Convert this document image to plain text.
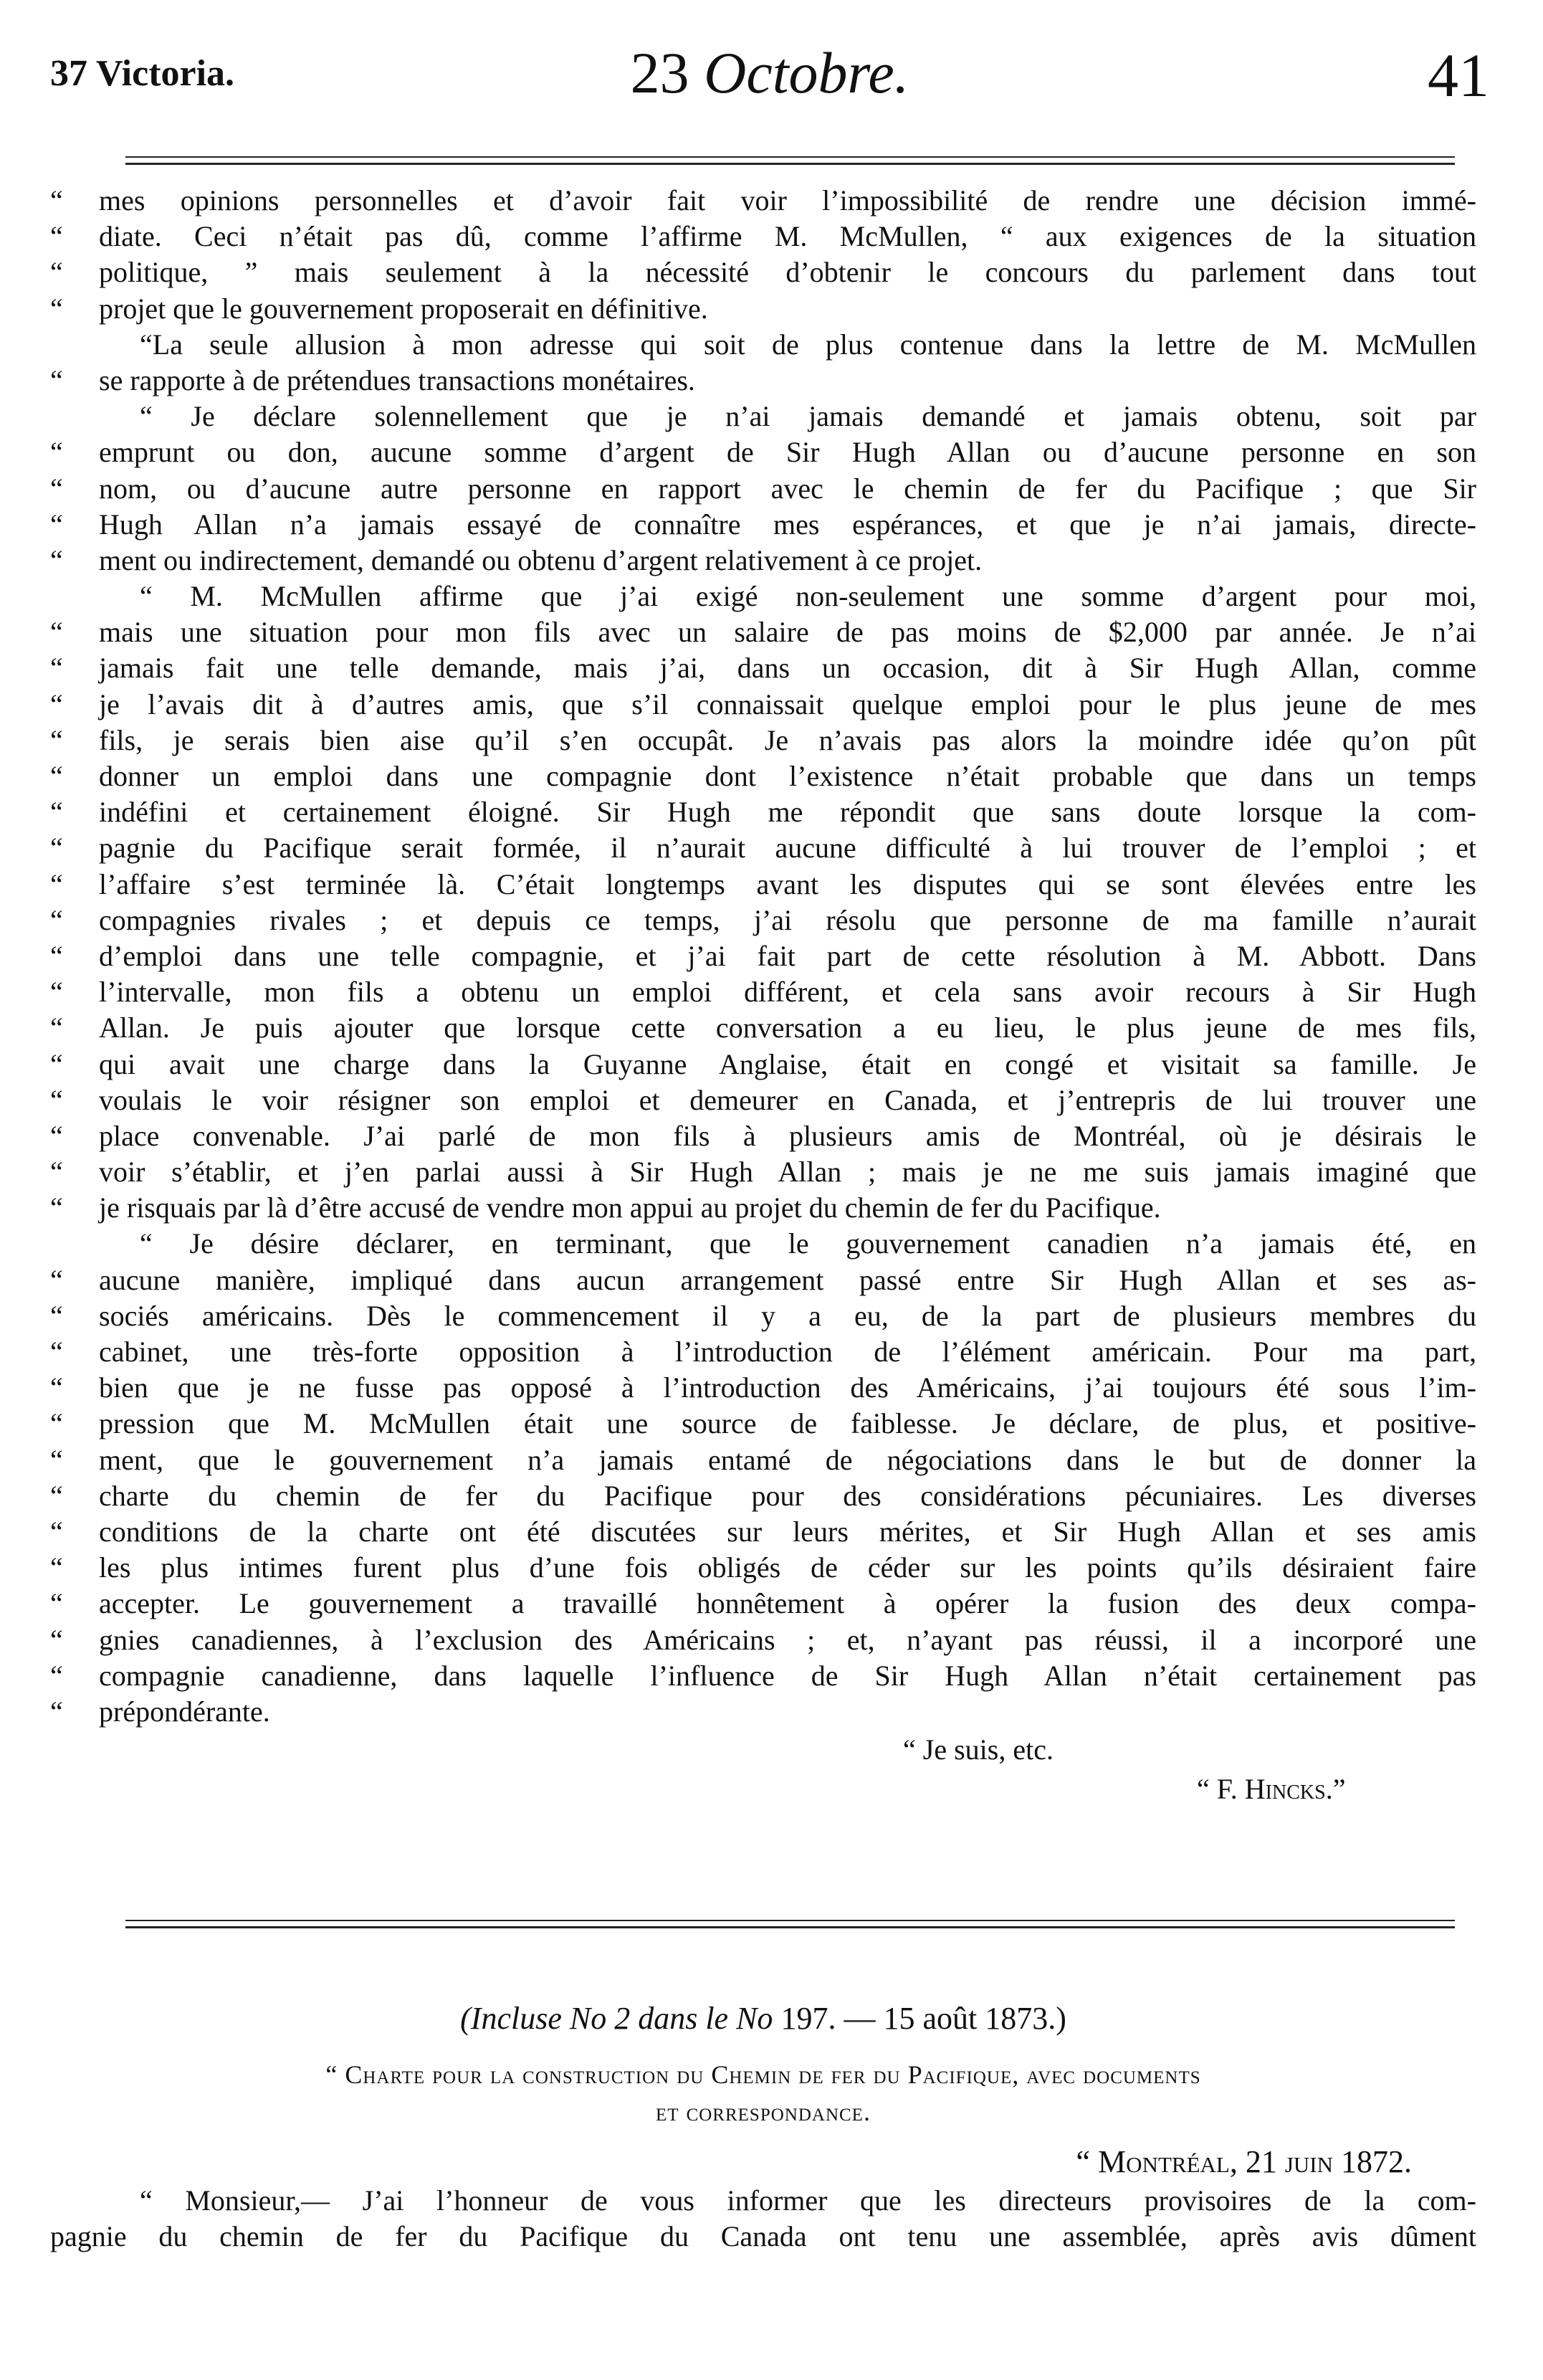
37 Victoria.	23 Octobre.	41
“	mes opinions personnelles et d’avoir fait voir l’impossibilité de rendre une décision immé-
“	diate. Ceci n’était pas dû, comme l’affirme M. McMullen, “ aux exigences de la situation
“	politique, ” mais seulement à la nécessité d’obtenir le concours du parlement dans tout
“	projet que le gouvernement proposerait en définitive.
“La seule allusion à mon adresse qui soit de plus contenue dans la lettre de M. McMullen
“	se rapporte à de prétendues transactions monétaires.
“ Je déclare solennellement que je n’ai jamais demandé et jamais obtenu, soit par
“	emprunt ou don, aucune somme d’argent de Sir Hugh Allan ou d’aucune personne en son
“	nom, ou d’aucune autre personne en rapport avec le chemin de fer du Pacifique ; que Sir
“	Hugh Allan n’a jamais essayé de connaître mes espérances, et que je n’ai jamais, directe-
“	ment ou indirectement, demandé ou obtenu d’argent relativement à ce projet.
“ M. McMullen affirme que j’ai exigé non-seulement une somme d’argent pour moi,
“	mais une situation pour mon fils avec un salaire de pas moins de $2,000 par année. Je n’ai
“	jamais fait une telle demande, mais j’ai, dans un occasion, dit à Sir Hugh Allan, comme
“	je l’avais dit à d’autres amis, que s’il connaissait quelque emploi pour le plus jeune de mes
“	fils, je serais bien aise qu’il s’en occupât. Je n’avais pas alors la moindre idée qu’on pût
“	donner un emploi dans une compagnie dont l’existence n’était probable que dans un temps
“	indéfini et certainement éloigné. Sir Hugh me répondit que sans doute lorsque la com-
“	pagnie du Pacifique serait formée, il n’aurait aucune difficulté à lui trouver de l’emploi ; et
“	l’affaire s’est terminée là. C’était longtemps avant les disputes qui se sont élevées entre les
“	compagnies rivales ; et depuis ce temps, j’ai résolu que personne de ma famille n’aurait
“	d’emploi dans une telle compagnie, et j’ai fait part de cette résolution à M. Abbott. Dans
“	l’intervalle, mon fils a obtenu un emploi différent, et cela sans avoir recours à Sir Hugh
“	Allan. Je puis ajouter que lorsque cette conversation a eu lieu, le plus jeune de mes fils,
“	qui avait une charge dans la Guyanne Anglaise, était en congé et visitait sa famille. Je
“	voulais le voir résigner son emploi et demeurer en Canada, et j’entrepris de lui trouver une
“	place convenable. J’ai parlé de mon fils à plusieurs amis de Montréal, où je désirais le
“	voir s’établir, et j’en parlai aussi à Sir Hugh Allan ; mais je ne me suis jamais imaginé que
“	je risquais par là d’être accusé de vendre mon appui au projet du chemin de fer du Pacifique.
“ Je désire déclarer, en terminant, que le gouvernement canadien n’a jamais été, en
“	aucune manière, impliqué dans aucun arrangement passé entre Sir Hugh Allan et ses as-
“	sociés américains. Dès le commencement il y a eu, de la part de plusieurs membres du
“	cabinet, une très-forte opposition à l’introduction de l’élément américain. Pour ma part,
“	bien que je ne fusse pas opposé à l’introduction des Américains, j’ai toujours été sous l’im-
“	pression que M. McMullen était une source de faiblesse. Je déclare, de plus, et positive-
“	ment, que le gouvernement n’a jamais entamé de négociations dans le but de donner la
“	charte du chemin de fer du Pacifique pour des considérations pécuniaires. Les diverses
“	conditions de la charte ont été discutées sur leurs mérites, et Sir Hugh Allan et ses amis
“	les plus intimes furent plus d’une fois obligés de céder sur les points qu’ils désiraient faire
“	accepter. Le gouvernement a travaillé honnêtement à opérer la fusion des deux compa-
“	gnies canadiennes, à l’exclusion des Américains ; et, n’ayant pas réussi, il a incorporé une
“	compagnie canadienne, dans laquelle l’influence de Sir Hugh Allan n’était certainement pas
“	prépondérante.
“ Je suis, etc.
“ F. Hincks.”
(Incluse No 2 dans le No 197. — 15 août 1873.)
“ Charte pour la construction du Chemin de fer du Pacifique, avec documents
et correspondance.
“ Montréal, 21 juin 1872.
“ Monsieur,— J’ai l’honneur de vous informer que les directeurs provisoires de la com-
pagnie du chemin de fer du Pacifique du Canada ont tenu une assemblée, après avis dûment
